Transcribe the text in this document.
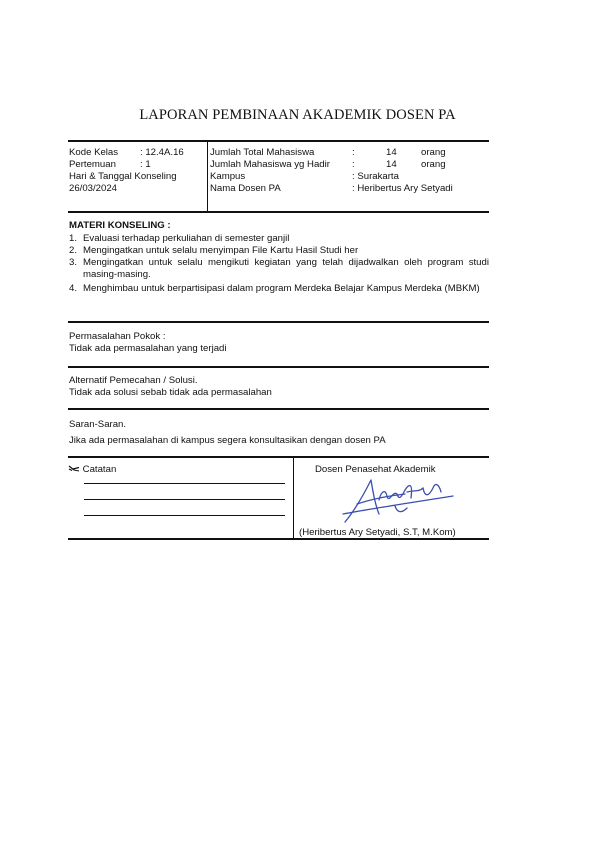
LAPORAN PEMBINAAN AKADEMIK DOSEN PA
Kode Kelas : 12.4A.16
Pertemuan	: 1
Hari & Tanggal Konseling
26/03/2024
Jumlah Total Mahasiswa	:	14	orang
Jumlah Mahasiswa yg Hadir :	14	orang
Kampus	: Surakarta
Nama Dosen PA	: Heribertus Ary Setyadi
MATERI KONSELING :
1. Evaluasi terhadap perkuliahan di semester ganjil
2. Mengingatkan untuk selalu menyimpan File Kartu Hasil Studi her
3. Mengingatkan untuk selalu mengikuti kegiatan yang telah dijadwalkan oleh program studi masing-masing.
4. Menghimbau untuk berpartisipasi dalam program Merdeka Belajar Kampus Merdeka (MBKM)
Permasalahan Pokok :
Tidak ada permasalahan yang terjadi
Alternatif Pemecahan / Solusi.
Tidak ada solusi sebab tidak ada permasalahan
Saran-Saran.
Jika ada permasalahan di kampus segera konsultasikan dengan dosen PA
Catatan	Dosen Penasehat Akademik
(Heribertus Ary Setyadi, S.T, M.Kom)
